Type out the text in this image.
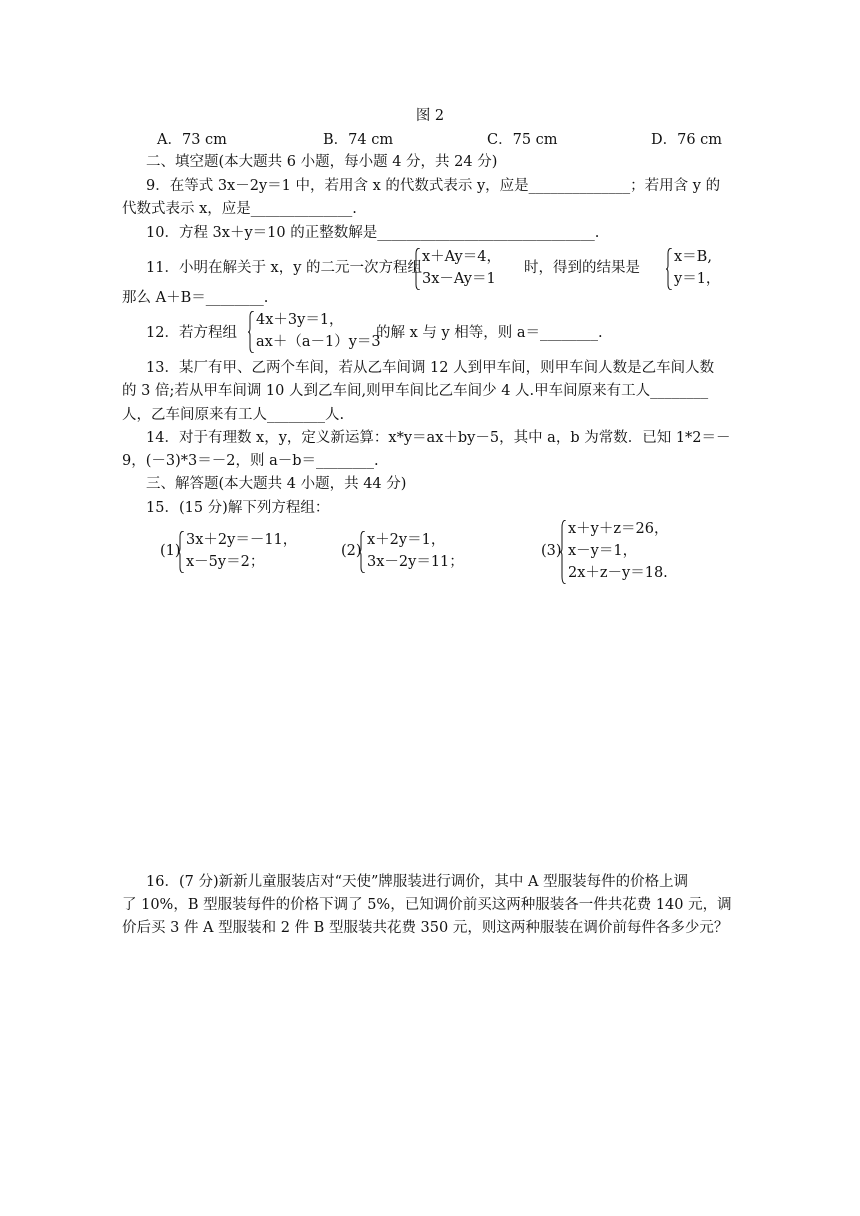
图 2
A．73 cm	B．74 cm	C．75 cm	D．76 cm
二、填空题(本大题共 6 小题，每小题 4 分，共 24 分)
9．在等式 3x－2y＝1 中，若用含 x 的代数式表示 y，应是______________；若用含 y 的
代数式表示 x，应是______________.
10．方程 3x＋y＝10 的正整数解是______________________________.
11．小明在解关于 x，y 的二元一次方程组
x＋Ay＝4，
3x－Ay＝1
时，得到的结果是
x＝B,
y＝1，
那么 A＋B＝________.
12．若方程组
4x＋3y＝1，
ax＋（a－1）y＝3
的解 x 与 y 相等，则 a＝________.
13．某厂有甲、乙两个车间，若从乙车间调 12 人到甲车间，则甲车间人数是乙车间人数
的 3 倍;若从甲车间调 10 人到乙车间,则甲车间比乙车间少 4 人.甲车间原来有工人________
人，乙车间原来有工人________人.
14．对于有理数 x，y，定义新运算：x*y＝ax＋by－5，其中 a，b 为常数．已知 1*2＝－
9，(－3)*3＝－2，则 a－b＝________.
三、解答题(本大题共 4 小题，共 44 分)
15．(15 分)解下列方程组：
(1)
3x＋2y＝－11，
x－5y＝2；
(2)
x＋2y＝1，
3x－2y＝11；
(3)
x＋y＋z＝26，
x－y＝1，
2x＋z－y＝18.
16．(7 分)新新儿童服装店对“天使”牌服装进行调价，其中 A 型服装每件的价格上调
了 10%，B 型服装每件的价格下调了 5%，已知调价前买这两种服装各一件共花费 140 元，调
价后买 3 件 A 型服装和 2 件 B 型服装共花费 350 元，则这两种服装在调价前每件各多少元？
